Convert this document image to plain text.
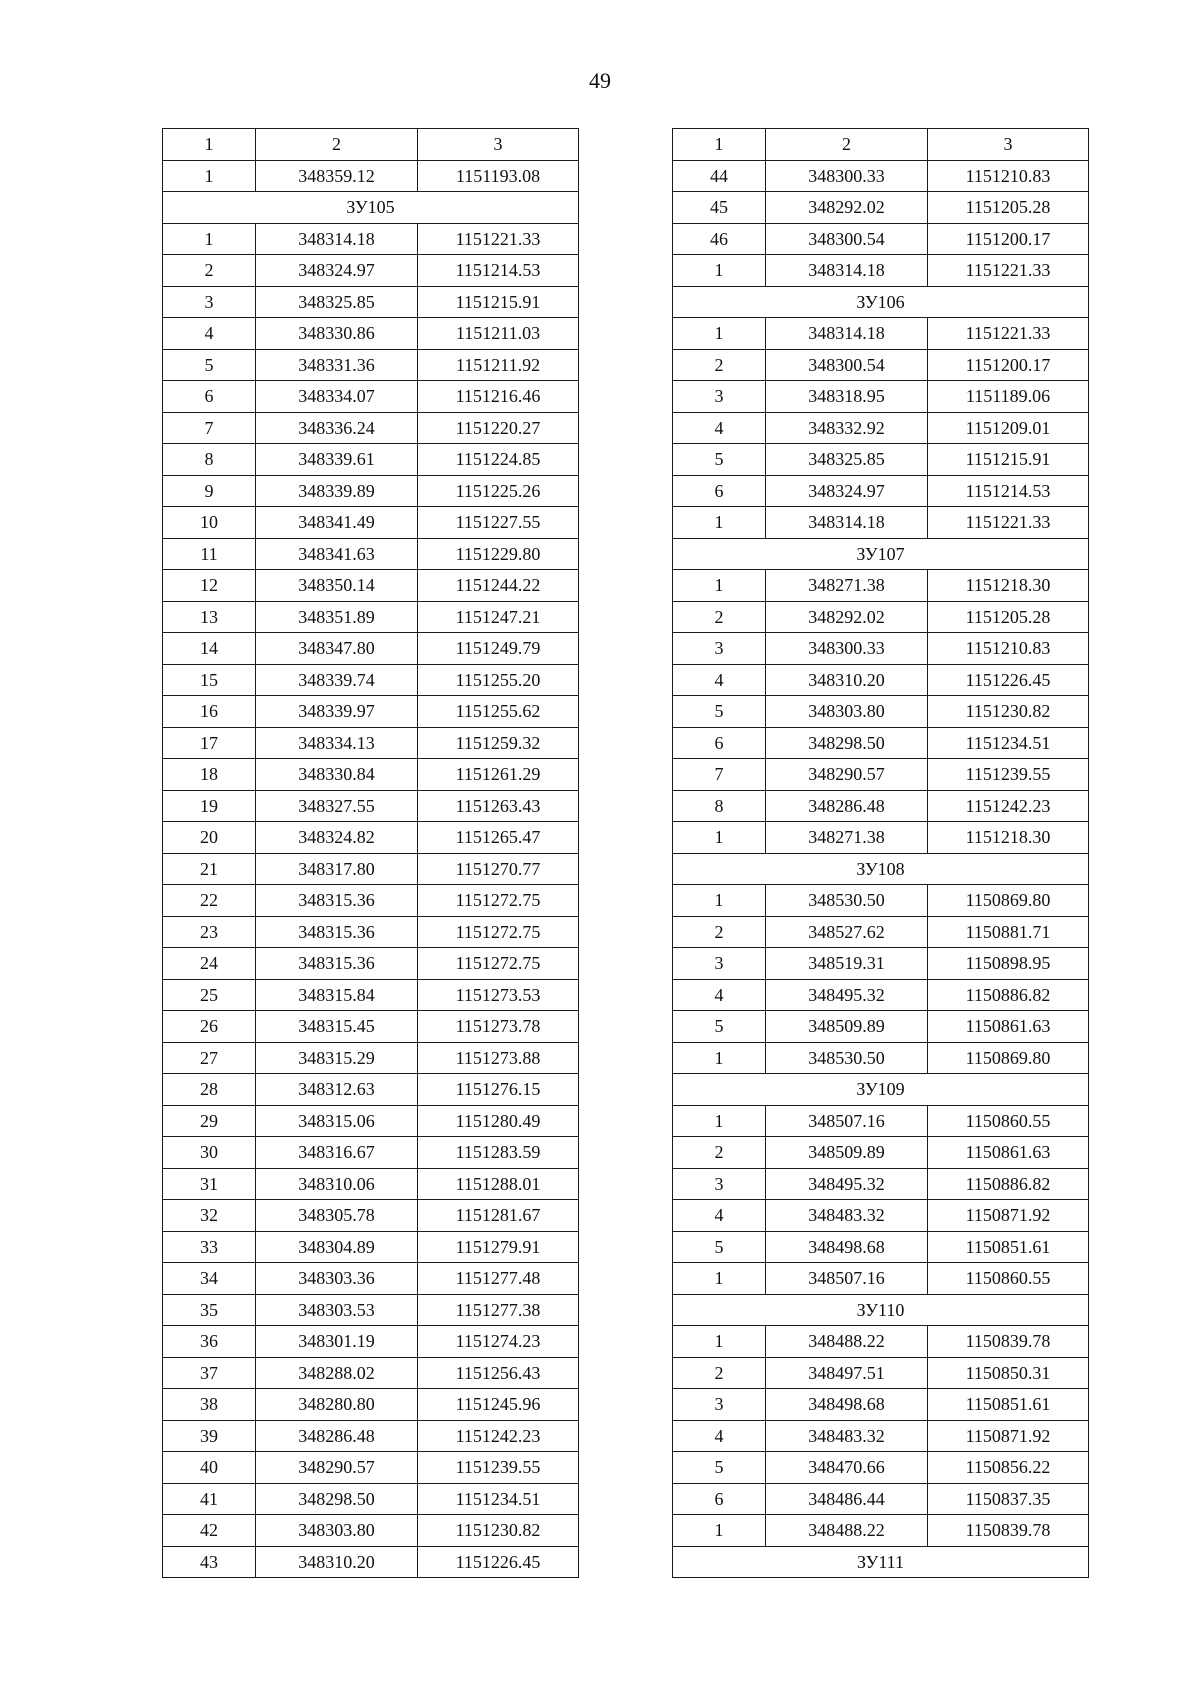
49
1	2	3
1	348359.12	1151193.08
ЗУ105		
1	348314.18	1151221.33
2	348324.97	1151214.53
3	348325.85	1151215.91
4	348330.86	1151211.03
5	348331.36	1151211.92
6	348334.07	1151216.46
7	348336.24	1151220.27
8	348339.61	1151224.85
9	348339.89	1151225.26
10	348341.49	1151227.55
11	348341.63	1151229.80
12	348350.14	1151244.22
13	348351.89	1151247.21
14	348347.80	1151249.79
15	348339.74	1151255.20
16	348339.97	1151255.62
17	348334.13	1151259.32
18	348330.84	1151261.29
19	348327.55	1151263.43
20	348324.82	1151265.47
21	348317.80	1151270.77
22	348315.36	1151272.75
23	348315.36	1151272.75
24	348315.36	1151272.75
25	348315.84	1151273.53
26	348315.45	1151273.78
27	348315.29	1151273.88
28	348312.63	1151276.15
29	348315.06	1151280.49
30	348316.67	1151283.59
31	348310.06	1151288.01
32	348305.78	1151281.67
33	348304.89	1151279.91
34	348303.36	1151277.48
35	348303.53	1151277.38
36	348301.19	1151274.23
37	348288.02	1151256.43
38	348280.80	1151245.96
39	348286.48	1151242.23
40	348290.57	1151239.55
41	348298.50	1151234.51
42	348303.80	1151230.82
43	348310.20	1151226.45
1	2	3
44	348300.33	1151210.83
45	348292.02	1151205.28
46	348300.54	1151200.17
1	348314.18	1151221.33
ЗУ106		
1	348314.18	1151221.33
2	348300.54	1151200.17
3	348318.95	1151189.06
4	348332.92	1151209.01
5	348325.85	1151215.91
6	348324.97	1151214.53
1	348314.18	1151221.33
ЗУ107		
1	348271.38	1151218.30
2	348292.02	1151205.28
3	348300.33	1151210.83
4	348310.20	1151226.45
5	348303.80	1151230.82
6	348298.50	1151234.51
7	348290.57	1151239.55
8	348286.48	1151242.23
1	348271.38	1151218.30
ЗУ108		
1	348530.50	1150869.80
2	348527.62	1150881.71
3	348519.31	1150898.95
4	348495.32	1150886.82
5	348509.89	1150861.63
1	348530.50	1150869.80
ЗУ109		
1	348507.16	1150860.55
2	348509.89	1150861.63
3	348495.32	1150886.82
4	348483.32	1150871.92
5	348498.68	1150851.61
1	348507.16	1150860.55
ЗУ110		
1	348488.22	1150839.78
2	348497.51	1150850.31
3	348498.68	1150851.61
4	348483.32	1150871.92
5	348470.66	1150856.22
6	348486.44	1150837.35
1	348488.22	1150839.78
ЗУ111		
